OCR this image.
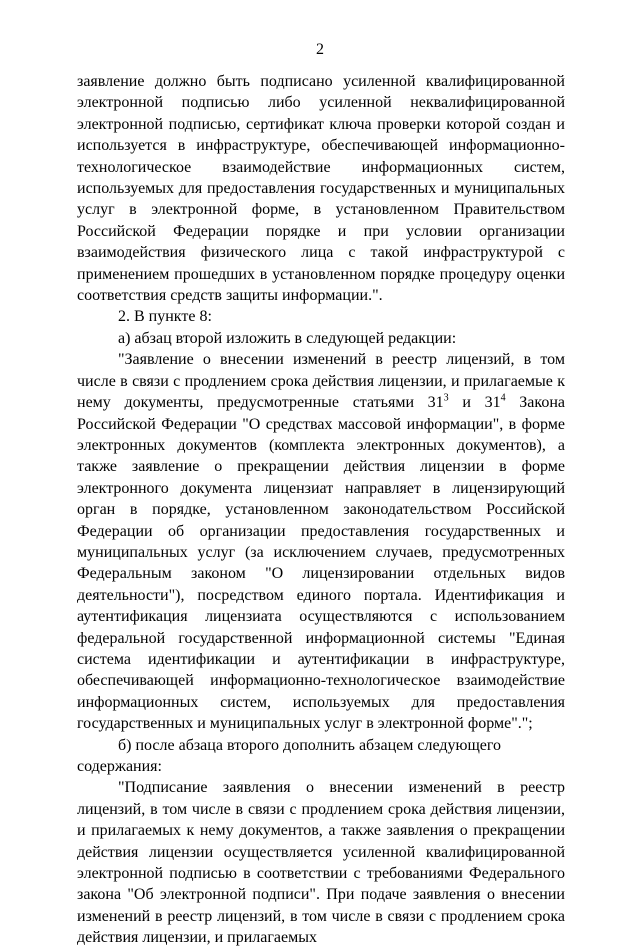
2

заявление должно быть подписано усиленной квалифицированной электронной подписью либо усиленной неквалифицированной электронной подписью, сертификат ключа проверки которой создан и используется в инфраструктуре, обеспечивающей информационно-технологическое взаимодействие информационных систем, используемых для предоставления государственных и муниципальных услуг в электронной форме, в установленном Правительством Российской Федерации порядке и при условии организации взаимодействия физического лица с такой инфраструктурой с применением прошедших в установленном порядке процедуру оценки соответствия средств защиты информации.".

2. В пункте 8:

а) абзац второй изложить в следующей редакции:

"Заявление о внесении изменений в реестр лицензий, в том числе в связи с продлением срока действия лицензии, и прилагаемые к нему документы, предусмотренные статьями $31^3$ и $31^4$ Закона Российской Федерации "О средствах массовой информации", в форме электронных документов (комплекта электронных документов), а также заявление о прекращении действия лицензии в форме электронного документа лицензиат направляет в лицензирующий орган в порядке, установленном законодательством Российской Федерации об организации предоставления государственных и муниципальных услуг (за исключением случаев, предусмотренных Федеральным законом "О лицензировании отдельных видов деятельности"), посредством единого портала. Идентификация и аутентификация лицензиата осуществляются с использованием федеральной государственной информационной системы "Единая система идентификации и аутентификации в инфраструктуре, обеспечивающей информационно-технологическое взаимодействие информационных систем, используемых для предоставления государственных и муниципальных услуг в электронной форме".";

б) после абзаца второго дополнить абзацем следующего содержания:

"Подписание заявления о внесении изменений в реестр лицензий, в том числе в связи с продлением срока действия лицензии, и прилагаемых к нему документов, а также заявления о прекращении действия лицензии осуществляется усиленной квалифицированной электронной подписью в соответствии с требованиями Федерального закона "Об электронной подписи". При подаче заявления о внесении изменений в реестр лицензий, в том числе в связи с продлением срока действия лицензии, и прилагаемых
